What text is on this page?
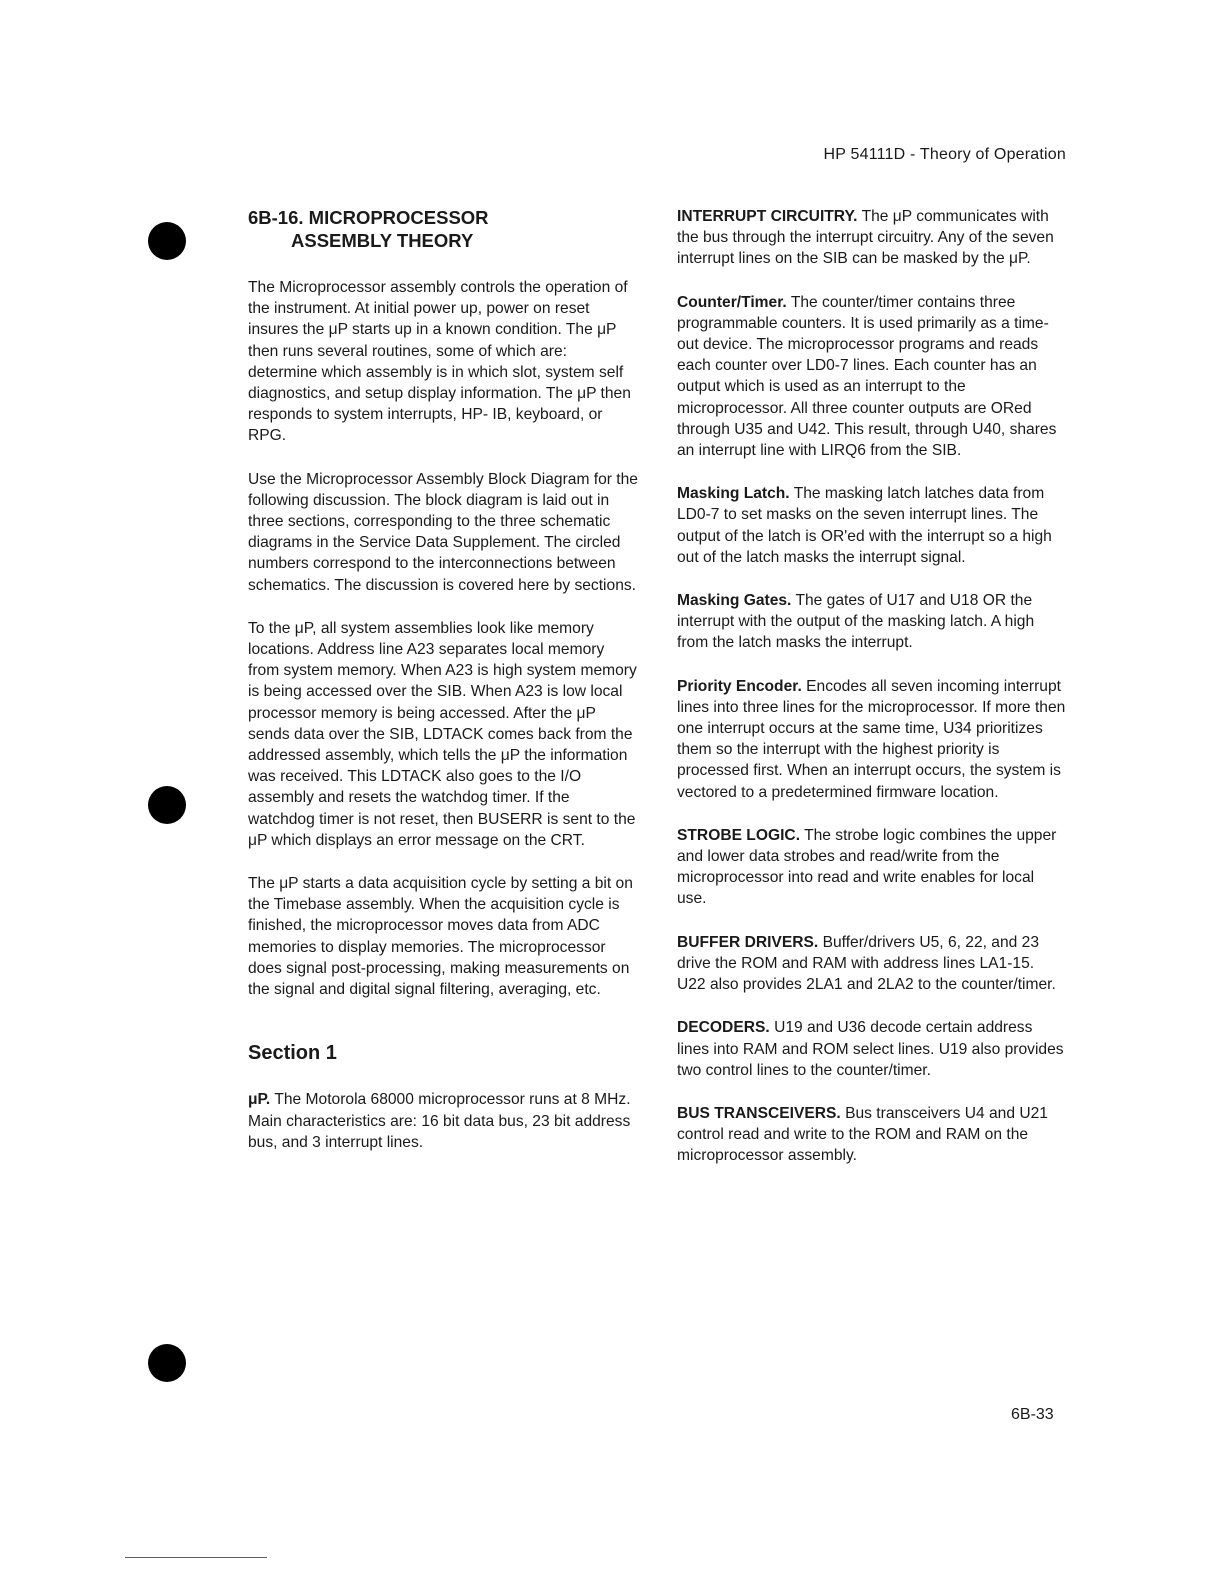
HP 54111D - Theory of Operation
6B-16. MICROPROCESSOR
ASSEMBLY THEORY

The Microprocessor assembly controls the operation of the instrument. At initial power up, power on reset insures the μP starts up in a known condition. The μP then runs several routines, some of which are: determine which assembly is in which slot, system self diagnostics, and setup display information. The μP then responds to system interrupts, HP- IB, keyboard, or RPG.

Use the Microprocessor Assembly Block Diagram for the following discussion. The block diagram is laid out in three sections, corresponding to the three schematic diagrams in the Service Data Supplement. The circled numbers correspond to the interconnections between schematics. The discussion is covered here by sections.

To the μP, all system assemblies look like memory locations. Address line A23 separates local memory from system memory. When A23 is high system memory is being accessed over the SIB. When A23 is low local processor memory is being accessed. After the μP sends data over the SIB, LDTACK comes back from the addressed assembly, which tells the μP the information was received. This LDTACK also goes to the I/O assembly and resets the watchdog timer. If the watchdog timer is not reset, then BUSERR is sent to the μP which displays an error message on the CRT.

The μP starts a data acquisition cycle by setting a bit on the Timebase assembly. When the acquisition cycle is finished, the microprocessor moves data from ADC memories to display memories. The microprocessor does signal post-processing, making measurements on the signal and digital signal filtering, averaging, etc.

Section 1

μP. The Motorola 68000 microprocessor runs at 8 MHz. Main characteristics are: 16 bit data bus, 23 bit address bus, and 3 interrupt lines.

INTERRUPT CIRCUITRY. The μP communicates with the bus through the interrupt circuitry. Any of the seven interrupt lines on the SIB can be masked by the μP.

Counter/Timer. The counter/timer contains three programmable counters. It is used primarily as a time-out device. The microprocessor programs and reads each counter over LD0-7 lines. Each counter has an output which is used as an interrupt to the microprocessor. All three counter outputs are ORed through U35 and U42. This result, through U40, shares an interrupt line with LIRQ6 from the SIB.

Masking Latch. The masking latch latches data from LD0-7 to set masks on the seven interrupt lines. The output of the latch is OR'ed with the interrupt so a high out of the latch masks the interrupt signal.

Masking Gates. The gates of U17 and U18 OR the interrupt with the output of the masking latch. A high from the latch masks the interrupt.

Priority Encoder. Encodes all seven incoming interrupt lines into three lines for the microprocessor. If more then one interrupt occurs at the same time, U34 prioritizes them so the interrupt with the highest priority is processed first. When an interrupt occurs, the system is vectored to a predetermined firmware location.

STROBE LOGIC. The strobe logic combines the upper and lower data strobes and read/write from the microprocessor into read and write enables for local use.

BUFFER DRIVERS. Buffer/drivers U5, 6, 22, and 23 drive the ROM and RAM with address lines LA1-15. U22 also provides 2LA1 and 2LA2 to the counter/timer.

DECODERS. U19 and U36 decode certain address lines into RAM and ROM select lines. U19 also provides two control lines to the counter/timer.

BUS TRANSCEIVERS. Bus transceivers U4 and U21 control read and write to the ROM and RAM on the microprocessor assembly.

6B-33
